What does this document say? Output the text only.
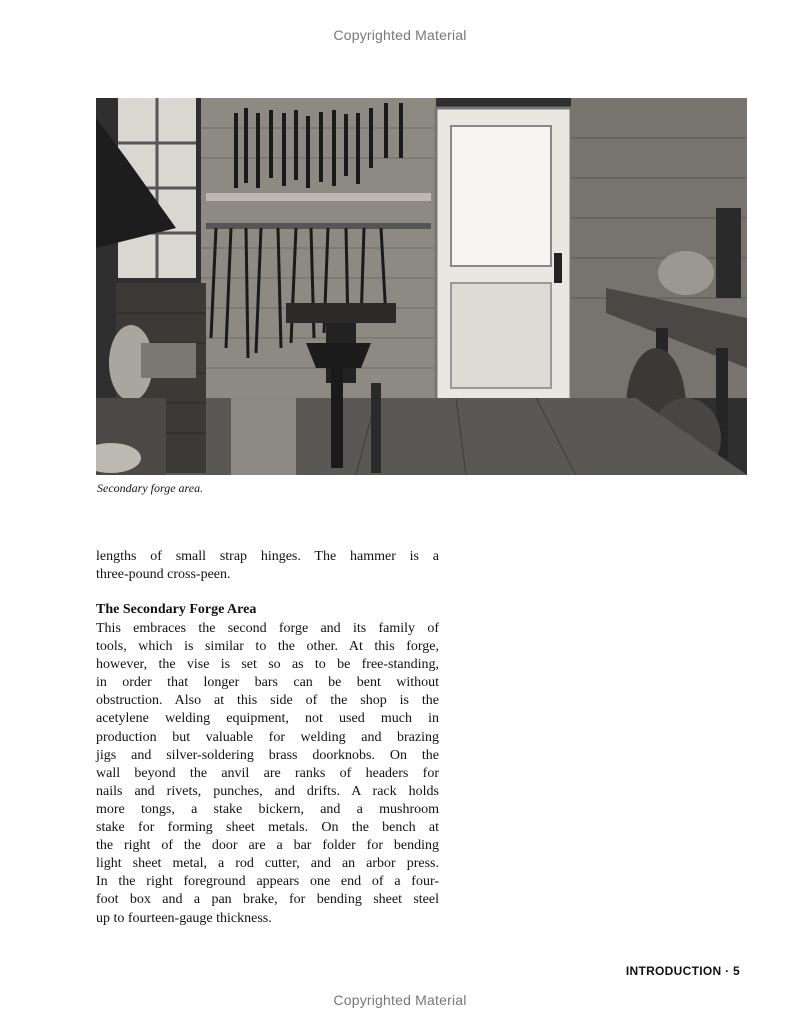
Copyrighted Material
Secondary forge area.
lengths of small strap hinges. The hammer is a
three-pound cross-peen.
The Secondary Forge Area
This embraces the second forge and its family of
tools, which is similar to the other. At this forge,
however, the vise is set so as to be free-standing,
in order that longer bars can be bent without
obstruction. Also at this side of the shop is the
acetylene welding equipment, not used much in
production but valuable for welding and brazing
jigs and silver-soldering brass doorknobs. On the
wall beyond the anvil are ranks of headers for
nails and rivets, punches, and drifts. A rack holds
more tongs, a stake bickern, and a mushroom
stake for forming sheet metals. On the bench at
the right of the door are a bar folder for bending
light sheet metal, a rod cutter, and an arbor press.
In the right foreground appears one end of a four-
foot box and a pan brake, for bending sheet steel
up to fourteen-gauge thickness.
INTRODUCTION · 5
Copyrighted Material
